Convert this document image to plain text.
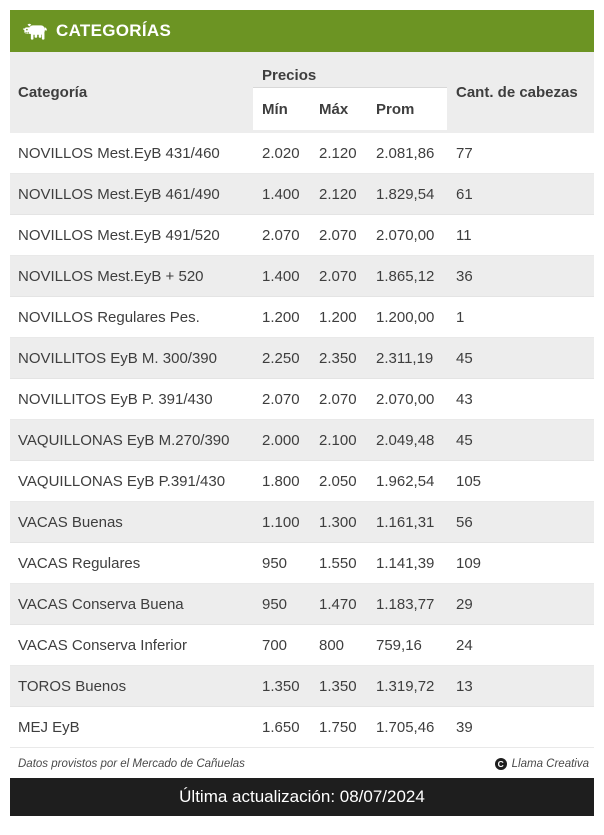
CATEGORÍAS
Categoría
Precios
Mín	Máx	Prom
Cant. de cabezas
NOVILLOS Mest.EyB 431/460	2.020	2.120	2.081,86	77
NOVILLOS Mest.EyB 461/490	1.400	2.120	1.829,54	61
NOVILLOS Mest.EyB 491/520	2.070	2.070	2.070,00	11
NOVILLOS Mest.EyB + 520	1.400	2.070	1.865,12	36
NOVILLOS Regulares Pes.	1.200	1.200	1.200,00	1
NOVILLITOS EyB M. 300/390	2.250	2.350	2.311,19	45
NOVILLITOS EyB P. 391/430	2.070	2.070	2.070,00	43
VAQUILLONAS EyB M.270/390	2.000	2.100	2.049,48	45
VAQUILLONAS EyB P.391/430	1.800	2.050	1.962,54	105
VACAS Buenas	1.100	1.300	1.161,31	56
VACAS Regulares	950	1.550	1.141,39	109
VACAS Conserva Buena	950	1.470	1.183,77	29
VACAS Conserva Inferior	700	800	759,16	24
TOROS Buenos	1.350	1.350	1.319,72	13
MEJ EyB	1.650	1.750	1.705,46	39
Datos provistos por el Mercado de Cañuelas	C Llama Creativa
Última actualización: 08/07/2024
